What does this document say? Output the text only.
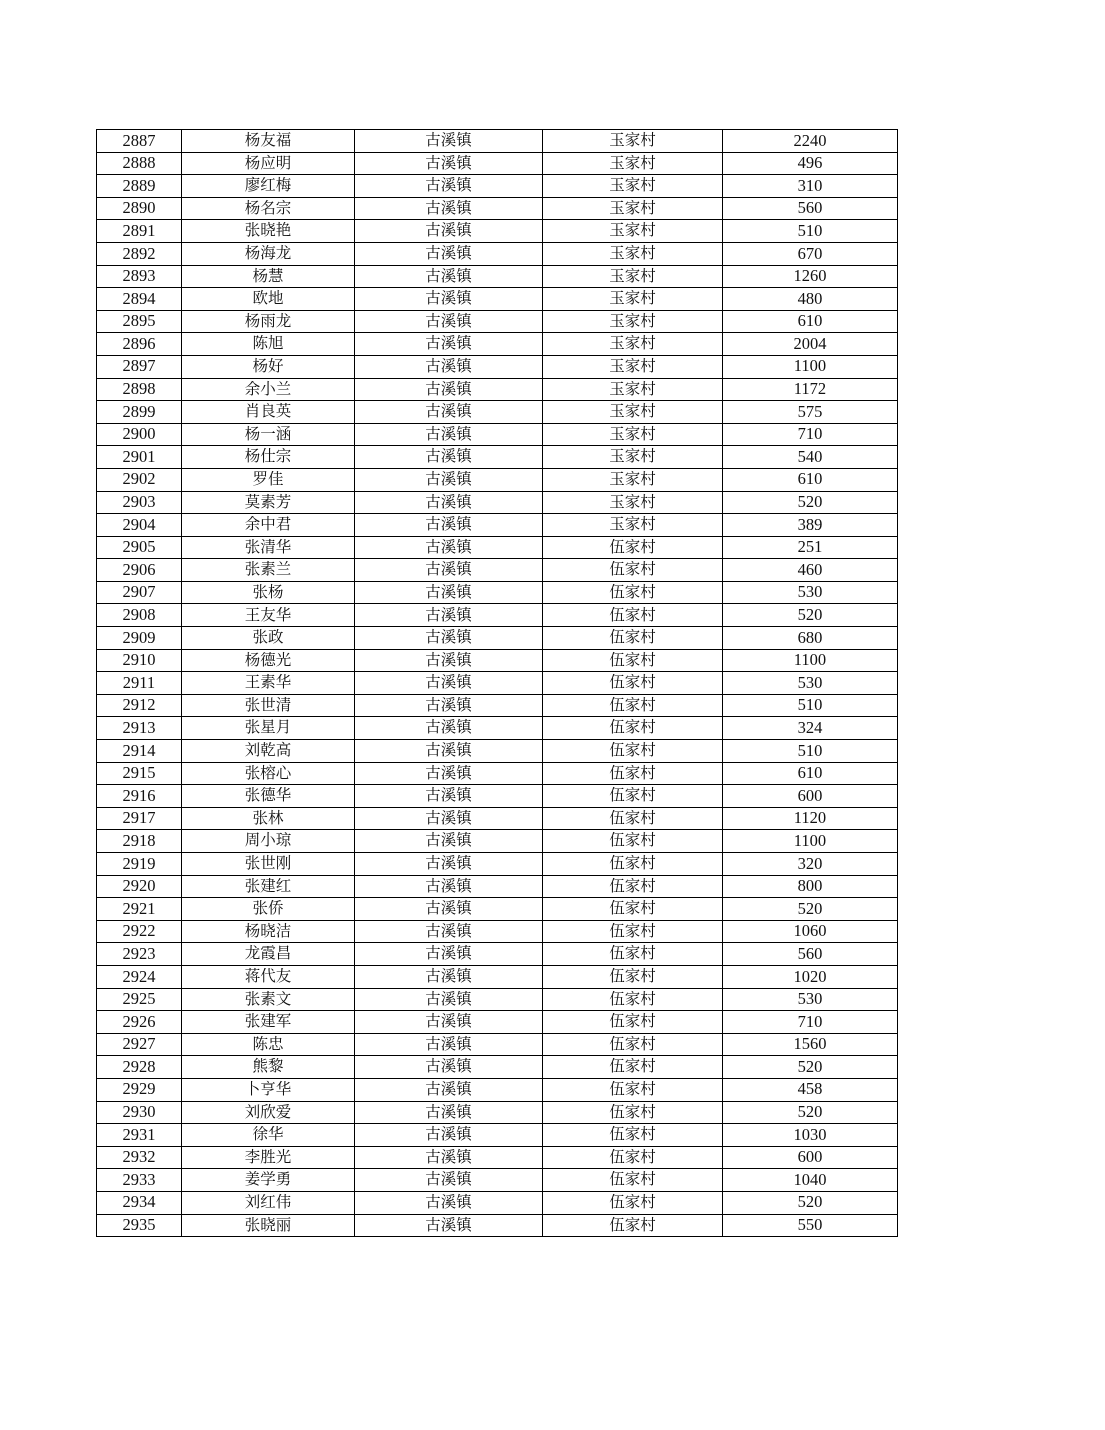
2887	杨友福	古溪镇	玉家村	2240
2888	杨应明	古溪镇	玉家村	496
2889	廖红梅	古溪镇	玉家村	310
2890	杨名宗	古溪镇	玉家村	560
2891	张晓艳	古溪镇	玉家村	510
2892	杨海龙	古溪镇	玉家村	670
2893	杨慧	古溪镇	玉家村	1260
2894	欧地	古溪镇	玉家村	480
2895	杨雨龙	古溪镇	玉家村	610
2896	陈旭	古溪镇	玉家村	2004
2897	杨好	古溪镇	玉家村	1100
2898	余小兰	古溪镇	玉家村	1172
2899	肖良英	古溪镇	玉家村	575
2900	杨一涵	古溪镇	玉家村	710
2901	杨仕宗	古溪镇	玉家村	540
2902	罗佳	古溪镇	玉家村	610
2903	莫素芳	古溪镇	玉家村	520
2904	余中君	古溪镇	玉家村	389
2905	张清华	古溪镇	伍家村	251
2906	张素兰	古溪镇	伍家村	460
2907	张杨	古溪镇	伍家村	530
2908	王友华	古溪镇	伍家村	520
2909	张政	古溪镇	伍家村	680
2910	杨德光	古溪镇	伍家村	1100
2911	王素华	古溪镇	伍家村	530
2912	张世清	古溪镇	伍家村	510
2913	张星月	古溪镇	伍家村	324
2914	刘乾高	古溪镇	伍家村	510
2915	张榕心	古溪镇	伍家村	610
2916	张德华	古溪镇	伍家村	600
2917	张林	古溪镇	伍家村	1120
2918	周小琼	古溪镇	伍家村	1100
2919	张世刚	古溪镇	伍家村	320
2920	张建红	古溪镇	伍家村	800
2921	张侨	古溪镇	伍家村	520
2922	杨晓洁	古溪镇	伍家村	1060
2923	龙霞昌	古溪镇	伍家村	560
2924	蒋代友	古溪镇	伍家村	1020
2925	张素文	古溪镇	伍家村	530
2926	张建军	古溪镇	伍家村	710
2927	陈忠	古溪镇	伍家村	1560
2928	熊黎	古溪镇	伍家村	520
2929	卜亨华	古溪镇	伍家村	458
2930	刘欣爱	古溪镇	伍家村	520
2931	徐华	古溪镇	伍家村	1030
2932	李胜光	古溪镇	伍家村	600
2933	姜学勇	古溪镇	伍家村	1040
2934	刘红伟	古溪镇	伍家村	520
2935	张晓丽	古溪镇	伍家村	550
